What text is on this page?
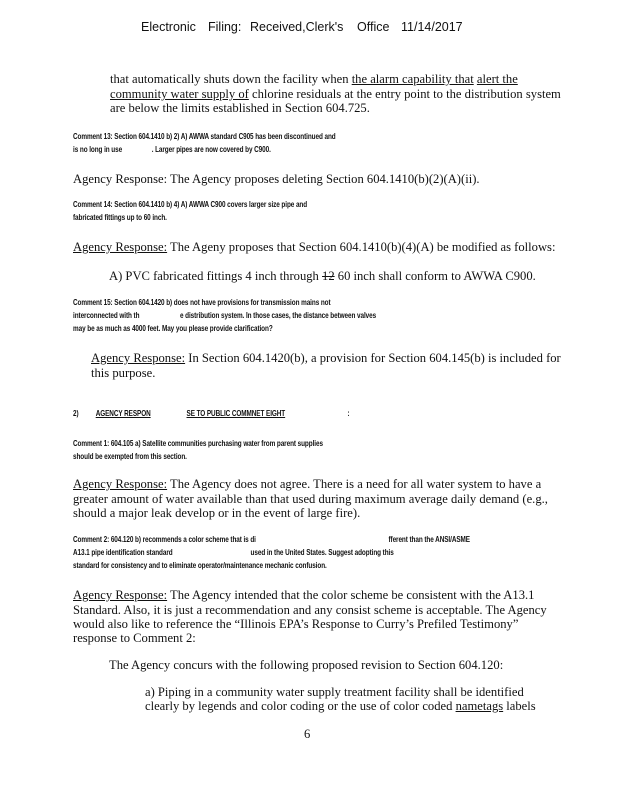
Electronic Filing: Received,Clerk's Office 11/14/2017
that automatically shuts down the facility when the alarm capability that alert the
community water supply of chlorine residuals at the entry point to the distribution system
are below the limits established in Section 604.725.
Comment 13: Section 604.1410 b) 2) A) AWWA standard C905 has been discontinued and
is no long in use	. Larger pipes are now covered by C900.
Agency Response: The Agency proposes deleting Section 604.1410(b)(2)(A)(ii).
Comment 14: Section 604.1410 b) 4) A) AWWA C900 covers larger size pipe and
fabricated fittings up to 60 inch.
Agency Response: The Ageny proposes that Section 604.1410(b)(4)(A) be modified as follows:
A) PVC fabricated fittings 4 inch through 12 60 inch shall conform to AWWA C900.
Comment 15: Section 604.1420 b) does not have provisions for transmission mains not
interconnected with th	e distribution system. In those cases, the distance between valves
may be as much as 4000 feet. May you please provide clarification?
Agency Response: In Section 604.1420(b), a provision for Section 604.145(b) is included for
this purpose.
2) AGENCY RESPON	SE TO PUBLIC COMMNET EIGHT	:
Comment 1: 604.105 a) Satellite communities purchasing water from parent supplies
should be exempted from this section.
Agency Response: The Agency does not agree. There is a need for all water system to have a
greater amount of water available than that used during maximum average daily demand (e.g.,
should a major leak develop or in the event of large fire).
Comment 2: 604.120 b) recommends a color scheme that is di	fferent than the ANSI/ASME
A13.1 pipe identification standard	used in the United States. Suggest adopting this
standard for consistency and to eliminate operator/maintenance mechanic confusion.
Agency Response: The Agency intended that the color scheme be consistent with the A13.1
Standard. Also, it is just a recommendation and any consist scheme is acceptable. The Agency
would also like to reference the “Illinois EPA’s Response to Curry’s Prefiled Testimony”
response to Comment 2:
The Agency concurs with the following proposed revision to Section 604.120:
a) Piping in a community water supply treatment facility shall be identified
clearly by legends and color coding or the use of color coded nametags labels
6
